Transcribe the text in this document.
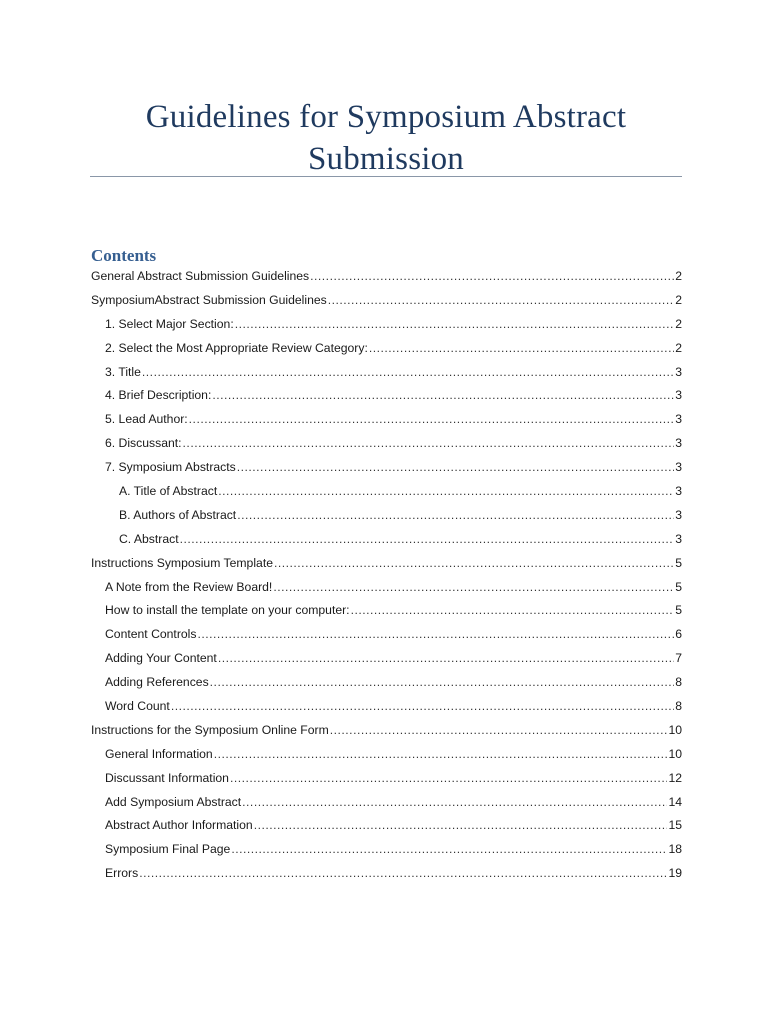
Guidelines for Symposium Abstract
Submission
Contents
General Abstract Submission Guidelines .....	2
SymposiumAbstract Submission Guidelines .....	2
1. Select Major Section: .....	2
2. Select the Most Appropriate Review Category: .....	2
3. Title .....	3
4. Brief Description: .....	3
5. Lead Author: .....	3
6. Discussant: .....	3
7. Symposium Abstracts .....	3
A. Title of Abstract .....	3
B. Authors of Abstract .....	3
C. Abstract .....	3
Instructions Symposium Template .....	5
A Note from the Review Board! .....	5
How to install the template on your computer: .....	5
Content Controls .....	6
Adding Your Content .....	7
Adding References .....	8
Word Count .....	8
Instructions for the Symposium Online Form .....	10
General Information .....	10
Discussant Information .....	12
Add Symposium Abstract .....	14
Abstract Author Information .....	15
Symposium Final Page .....	18
Errors .....	19
